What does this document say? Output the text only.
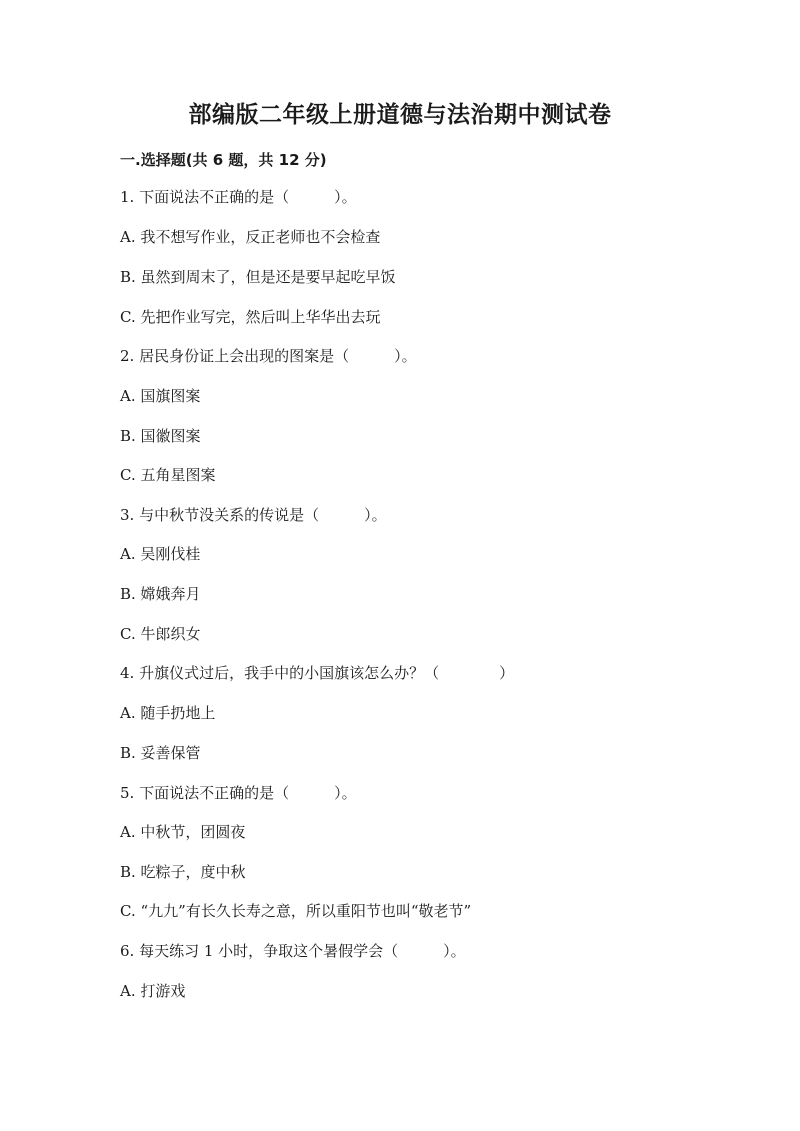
部编版二年级上册道德与法治期中测试卷
一.选择题(共 6 题，共 12 分)
1. 下面说法不正确的是（　　　）。
A. 我不想写作业，反正老师也不会检查
B. 虽然到周末了，但是还是要早起吃早饭
C. 先把作业写完，然后叫上华华出去玩
2. 居民身份证上会出现的图案是（　　　）。
A. 国旗图案
B. 国徽图案
C. 五角星图案
3. 与中秋节没关系的传说是（　　　）。
A. 吴刚伐桂
B. 嫦娥奔月
C. 牛郎织女
4. 升旗仪式过后，我手中的小国旗该怎么办？（　　　　）
A. 随手扔地上
B. 妥善保管
5. 下面说法不正确的是（　　　）。
A. 中秋节，团圆夜
B. 吃粽子，度中秋
C. “九九”有长久长寿之意，所以重阳节也叫“敬老节”
6. 每天练习 1 小时，争取这个暑假学会（　　　）。
A. 打游戏
